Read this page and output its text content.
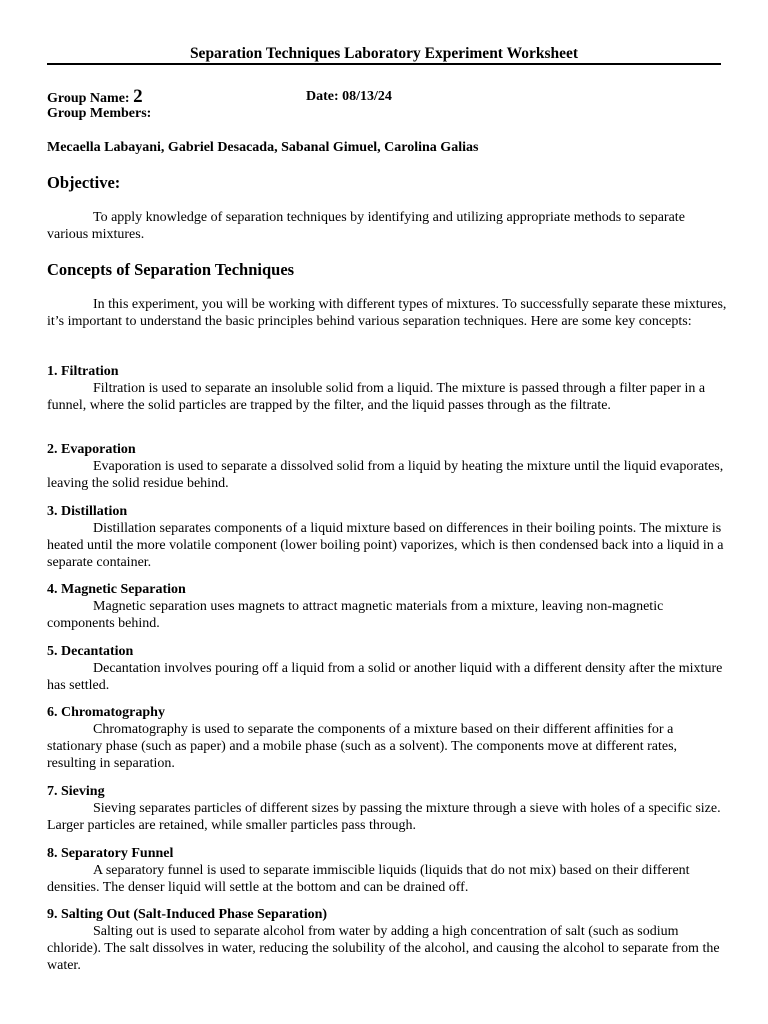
Separation Techniques Laboratory Experiment Worksheet
Group Name: 2	Date: 08/13/24
Group Members:
Mecaella Labayani, Gabriel Desacada, Sabanal Gimuel, Carolina Galias
Objective:

To apply knowledge of separation techniques by identifying and utilizing appropriate methods to separate various mixtures.

Concepts of Separation Techniques

In this experiment, you will be working with different types of mixtures. To successfully separate these mixtures, it’s important to understand the basic principles behind various separation techniques. Here are some key concepts:

1. Filtration

Filtration is used to separate an insoluble solid from a liquid. The mixture is passed through a filter paper in a funnel, where the solid particles are trapped by the filter, and the liquid passes through as the filtrate.

2. Evaporation

Evaporation is used to separate a dissolved solid from a liquid by heating the mixture until the liquid evaporates, leaving the solid residue behind.

3. Distillation

Distillation separates components of a liquid mixture based on differences in their boiling points. The mixture is heated until the more volatile component (lower boiling point) vaporizes, which is then condensed back into a liquid in a separate container.

4. Magnetic Separation

Magnetic separation uses magnets to attract magnetic materials from a mixture, leaving non-magnetic components behind.

5. Decantation

Decantation involves pouring off a liquid from a solid or another liquid with a different density after the mixture has settled.

6. Chromatography

Chromatography is used to separate the components of a mixture based on their different affinities for a stationary phase (such as paper) and a mobile phase (such as a solvent). The components move at different rates, resulting in separation.

7. Sieving

Sieving separates particles of different sizes by passing the mixture through a sieve with holes of a specific size. Larger particles are retained, while smaller particles pass through.

8. Separatory Funnel

A separatory funnel is used to separate immiscible liquids (liquids that do not mix) based on their different densities. The denser liquid will settle at the bottom and can be drained off.

9. Salting Out (Salt-Induced Phase Separation)

Salting out is used to separate alcohol from water by adding a high concentration of salt (such as sodium chloride). The salt dissolves in water, reducing the solubility of the alcohol, and causing the alcohol to separate from the water.
